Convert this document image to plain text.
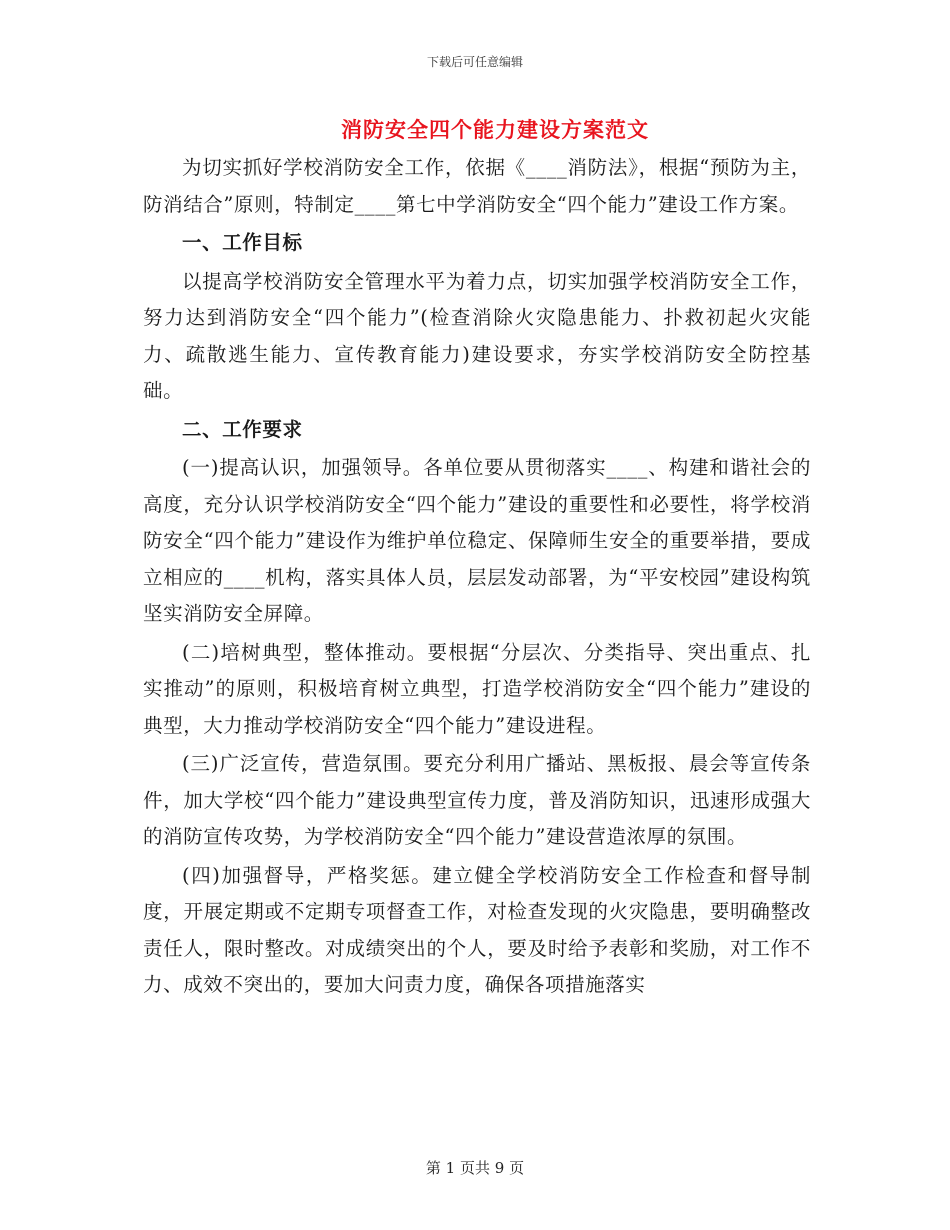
下载后可任意编辑
消防安全四个能力建设方案范文

为切实抓好学校消防安全工作，依据《____消防法》，根据“预防为主，防消结合”原则，特制定____第七中学消防安全“四个能力”建设工作方案。

一、工作目标

以提高学校消防安全管理水平为着力点，切实加强学校消防安全工作，努力达到消防安全“四个能力”(检查消除火灾隐患能力、扑救初起火灾能力、疏散逃生能力、宣传教育能力)建设要求，夯实学校消防安全防控基础。

二、工作要求

(一)提高认识，加强领导。各单位要从贯彻落实____、构建和谐社会的高度，充分认识学校消防安全“四个能力”建设的重要性和必要性，将学校消防安全“四个能力”建设作为维护单位稳定、保障师生安全的重要举措，要成立相应的____机构，落实具体人员，层层发动部署，为“平安校园”建设构筑坚实消防安全屏障。

(二)培树典型，整体推动。要根据“分层次、分类指导、突出重点、扎实推动”的原则，积极培育树立典型，打造学校消防安全“四个能力”建设的典型，大力推动学校消防安全“四个能力”建设进程。

(三)广泛宣传，营造氛围。要充分利用广播站、黑板报、晨会等宣传条件，加大学校“四个能力”建设典型宣传力度，普及消防知识，迅速形成强大的消防宣传攻势，为学校消防安全“四个能力”建设营造浓厚的氛围。

(四)加强督导，严格奖惩。建立健全学校消防安全工作检查和督导制度，开展定期或不定期专项督查工作，对检查发现的火灾隐患，要明确整改责任人，限时整改。对成绩突出的个人，要及时给予表彰和奖励，对工作不力、成效不突出的，要加大问责力度，确保各项措施落实

第 1 页共 9 页
